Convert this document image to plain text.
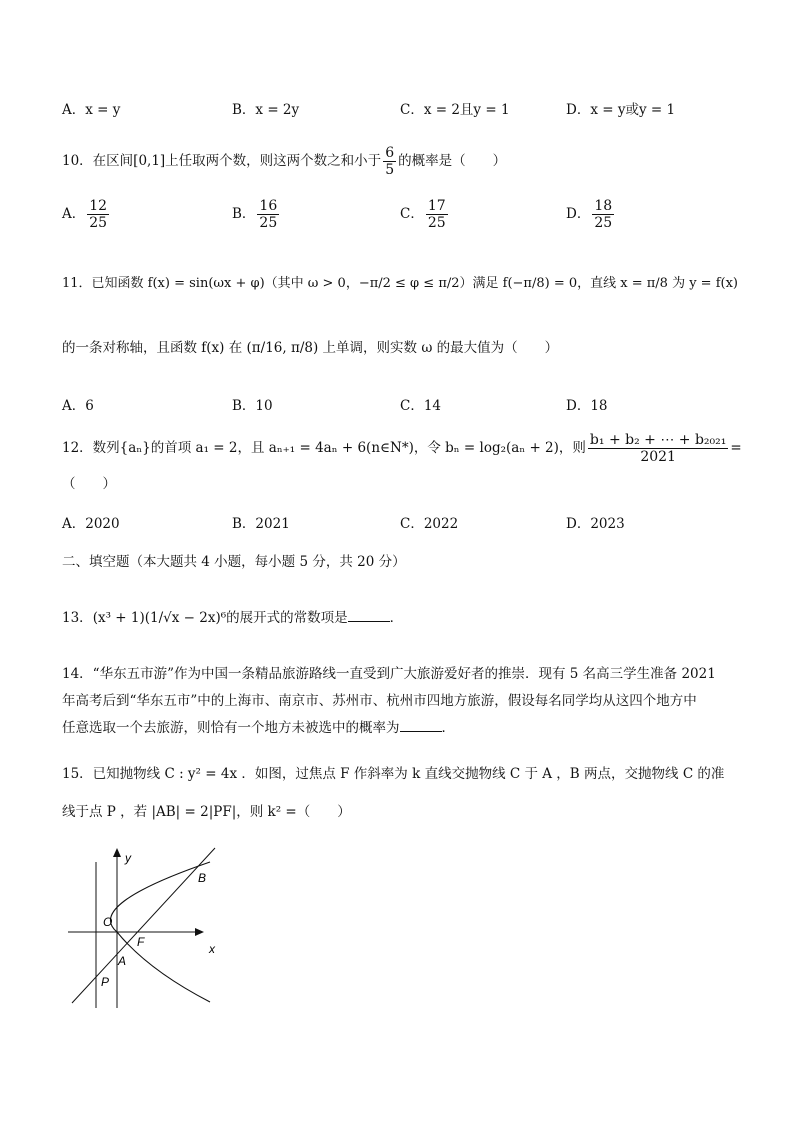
A．x = y	B．x = 2y	C．x = 2且y = 1	D．x = y或y = 1
10．在区间[0,1]上任取两个数，则这两个数之和小于 $\frac{6}{5}$ 的概率是（　　）
A． $\frac{12}{25}$	B． $\frac{16}{25}$	C． $\frac{17}{25}$	D． $\frac{18}{25}$
11．已知函数 f(x) = sin(ωx + φ)（其中 ω > 0，−π/2 ≤ φ ≤ π/2）满足 f(−π/8) = 0，直线 x = π/8 为 y = f(x)
的一条对称轴，且函数 f(x) 在 (π/16, π/8) 上单调，则实数 ω 的最大值为（　　）
A．6	B．10	C．14	D．18
12．数列{aₙ}的首项 a₁ = 2，且 aₙ₊₁ = 4aₙ + 6(n∈N*)，令 bₙ = log₂(aₙ + 2)，则 $\frac{\text{b₁ + b₂ + ⋯ + b₂₀₂₁}}{2021}$ =
（　　）
A．2020	B．2021	C．2022	D．2023
二、填空题（本大题共 4 小题，每小题 5 分，共 20 分）
13．(x³ + 1)(1/√x − 2x)⁶的展开式的常数项是	．
14．“华东五市游”作为中国一条精品旅游路线一直受到广大旅游爱好者的推崇．现有 5 名高三学生准备 2021
年高考后到“华东五市”中的上海市、南京市、苏州市、杭州市四地方旅游，假设每名同学均从这四个地方中
任意选取一个去旅游，则恰有一个地方未被选中的概率为	．
15．已知抛物线 C : y² = 4x ．如图，过焦点 F 作斜率为 k 直线交抛物线 C 于 A ，B 两点，交抛物线 C 的准
线于点 P ，若 |AB| = 2|PF|，则 k² =（　　）
y
x
O
F
A
B
P
